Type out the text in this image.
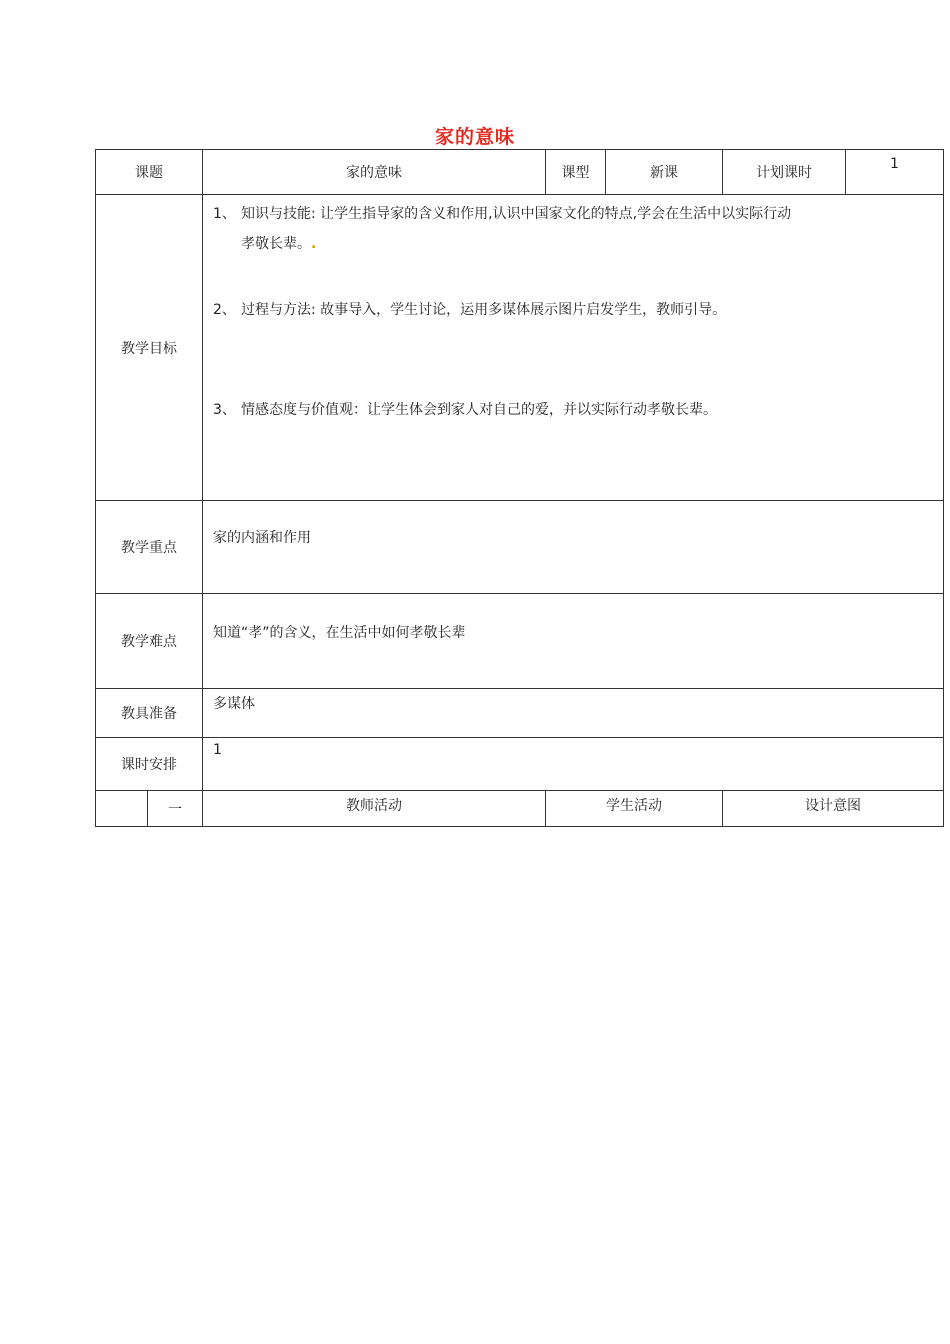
家的意味
课题		家的意味	课型	新课	计划课时	1
教学目标		1、 知识与技能: 让学生指导家的含义和作用,认识中国家文化的特点,学会在生活中以实际行动

孝敬长辈。.

2、 过程与方法: 故事导入，学生讨论，运用多谋体展示图片启发学生，教师引导。

3、 情感态度与价值观：让学生体会到家人对自己的爱，并以实际行动孝敬长辈。				

教学重点		家的内涵和作用				
教学难点		知道“孝”的含义，在生活中如何孝敬长辈				
教具准备		多谋体				
课时安排		1				
	一	教师活动	学生活动		设计意图	
